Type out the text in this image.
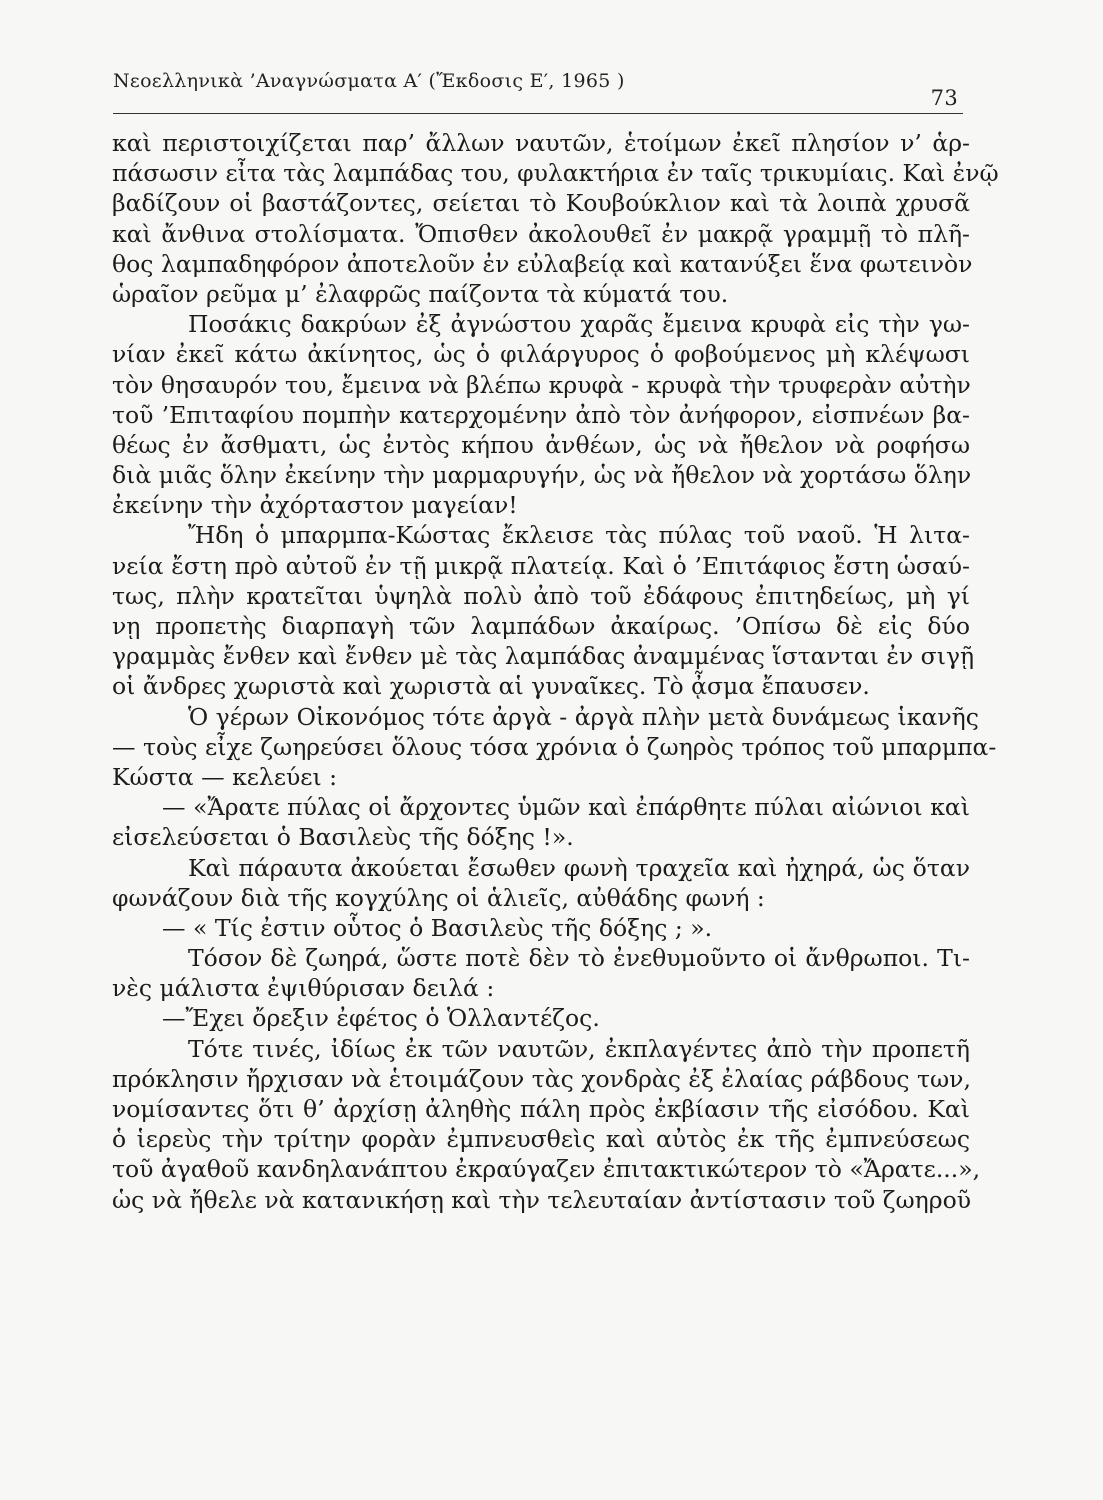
Νεοελληνικὰ ’Αναγνώσματα Α′ (Ἔκδοσις Ε′, 1965 )
73
καὶ περιστοιχίζεται παρ’ ἄλλων ναυτῶν, ἑτοίμων ἐκεῖ πλησίον ν’ ἁρ-
πάσωσιν εἶτα τὰς λαμπάδας του, φυλακτήρια ἐν ταῖς τρικυμίαις. Καὶ ἐνῷ
βαδίζουν οἱ βαστάζοντες, σείεται τὸ Κουβούκλιον καὶ τὰ λοιπὰ χρυσᾶ
καὶ ἄνθινα στολίσματα. Ὄπισθεν ἀκολουθεῖ ἐν μακρᾷ γραμμῇ τὸ πλῆ-
θος λαμπαδηφόρον ἀποτελοῦν ἐν εὐλαβείᾳ καὶ κατανύξει ἕνα φωτεινὸν
ὡραῖον ρεῦμα μ’ ἐλαφρῶς παίζοντα τὰ κύματά του.
Ποσάκις δακρύων ἐξ ἀγνώστου χαρᾶς ἔμεινα κρυφὰ εἰς τὴν γω-
νίαν ἐκεῖ κάτω ἀκίνητος, ὡς ὁ φιλάργυρος ὁ φοβούμενος μὴ κλέψωσι
τὸν θησαυρόν του, ἔμεινα νὰ βλέπω κρυφὰ - κρυφὰ τὴν τρυφερὰν αὐτὴν
τοῦ ’Επιταφίου πομπὴν κατερχομένην ἀπὸ τὸν ἀνήφορον, εἰσπνέων βα-
θέως ἐν ἄσθματι, ὡς ἐντὸς κήπου ἀνθέων, ὡς νὰ ἤθελον νὰ ροφήσω
διὰ μιᾶς ὅλην ἐκείνην τὴν μαρμαρυγήν, ὡς νὰ ἤθελον νὰ χορτάσω ὅλην
ἐκείνην τὴν ἀχόρταστον μαγείαν!
Ἤδη ὁ μπαρμπα-Κώστας ἔκλεισε τὰς πύλας τοῦ ναοῦ. Ἡ λιτα-
νεία ἔστη πρὸ αὐτοῦ ἐν τῇ μικρᾷ πλατείᾳ. Καὶ ὁ ’Επιτάφιος ἔστη ὡσαύ-
τως, πλὴν κρατεῖται ὑψηλὰ πολὺ ἀπὸ τοῦ ἐδάφους ἐπιτηδείως, μὴ γί
νῃ προπετὴς διαρπαγὴ τῶν λαμπάδων ἀκαίρως. ’Οπίσω δὲ εἰς δύο
γραμμὰς ἔνθεν καὶ ἔνθεν μὲ τὰς λαμπάδας ἀναμμένας ἵστανται ἐν σιγῇ
οἱ ἄνδρες χωριστὰ καὶ χωριστὰ αἱ γυναῖκες. Τὸ ᾆσμα ἔπαυσεν.
Ὁ γέρων Οἰκονόμος τότε ἀργὰ - ἀργὰ πλὴν μετὰ δυνάμεως ἱκανῆς
— τοὺς εἶχε ζωηρεύσει ὅλους τόσα χρόνια ὁ ζωηρὸς τρόπος τοῦ μπαρμπα-
Κώστα — κελεύει :
— «Ἄρατε πύλας οἱ ἄρχοντες ὑμῶν καὶ ἐπάρθητε πύλαι αἰώνιοι καὶ
εἰσελεύσεται ὁ Βασιλεὺς τῆς δόξης !».
Καὶ πάραυτα ἀκούεται ἔσωθεν φωνὴ τραχεῖα καὶ ἠχηρά, ὡς ὅταν
φωνάζουν διὰ τῆς κογχύλης οἱ ἁλιεῖς, αὐθάδης φωνή :
— « Τίς ἐστιν οὗτος ὁ Βασιλεὺς τῆς δόξης ; ».
Τόσον δὲ ζωηρά, ὥστε ποτὲ δὲν τὸ ἐνεθυμοῦντο οἱ ἄνθρωποι. Τι-
νὲς μάλιστα ἐψιθύρισαν δειλά :
—Ἔχει ὄρεξιν ἐφέτος ὁ Ὁλλαντέζος.
Τότε τινές, ἰδίως ἐκ τῶν ναυτῶν, ἐκπλαγέντες ἀπὸ τὴν προπετῆ
πρόκλησιν ἤρχισαν νὰ ἑτοιμάζουν τὰς χονδρὰς ἐξ ἐλαίας ράβδους των,
νομίσαντες ὅτι θ’ ἀρχίσῃ ἀληθὴς πάλη πρὸς ἐκβίασιν τῆς εἰσόδου. Καὶ
ὁ ἱερεὺς τὴν τρίτην φορὰν ἐμπνευσθεὶς καὶ αὐτὸς ἐκ τῆς ἐμπνεύσεως
τοῦ ἀγαθοῦ κανδηλανάπτου ἐκραύγαζεν ἐπιτακτικώτερον τὸ «Ἄρατε...»,
ὡς νὰ ἤθελε νὰ κατανικήσῃ καὶ τὴν τελευταίαν ἀντίστασιν τοῦ ζωηροῦ
